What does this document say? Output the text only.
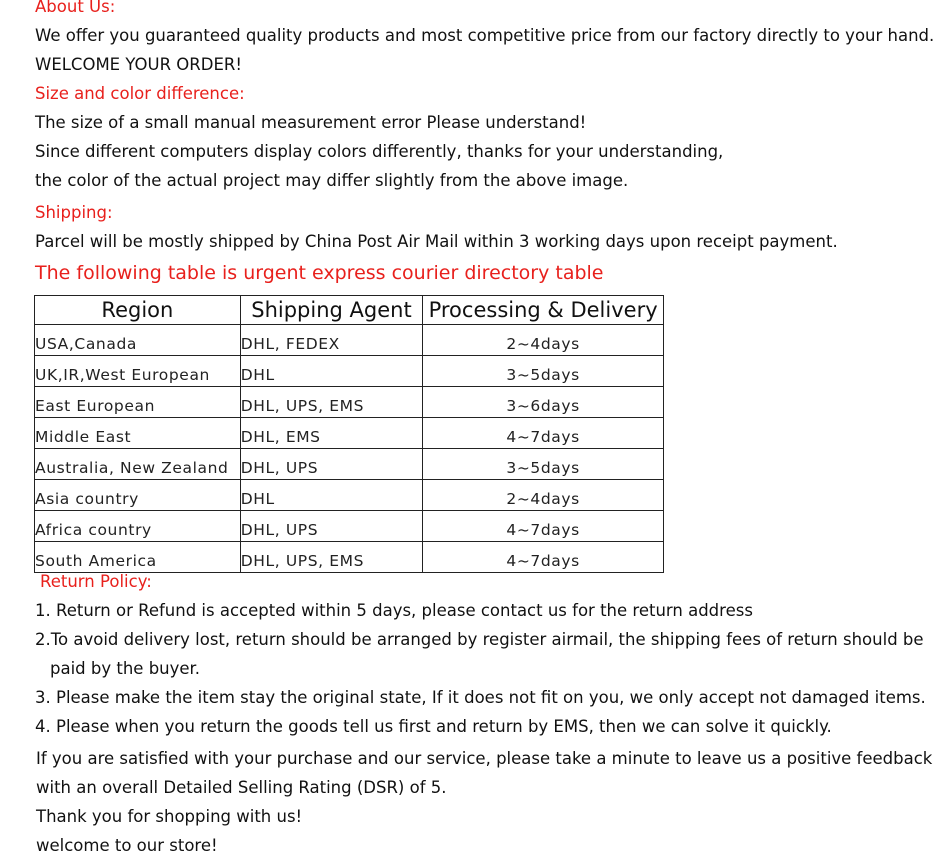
About Us:
We offer you guaranteed quality products and most competitive price from our factory directly to your hand.
WELCOME YOUR ORDER!
Size and color difference:
The size of a small manual measurement error Please understand!
Since different computers display colors differently, thanks for your understanding,
the color of the actual project may differ slightly from the above image.
Shipping:
Parcel will be mostly shipped by China Post Air Mail within 3 working days upon receipt payment.
The following table is urgent express courier directory table
Region	Shipping Agent	Processing & Delivery
USA,Canada	DHL, FEDEX	2~4days
UK,IR,West European	DHL	3~5days
East European	DHL, UPS, EMS	3~6days
Middle East	DHL, EMS	4~7days
Australia, New Zealand	DHL, UPS	3~5days
Asia country	DHL	2~4days
Africa country	DHL, UPS	4~7days
South America	DHL, UPS, EMS	4~7days
Return Policy:
1. Return or Refund is accepted within 5 days, please contact us for the return address
2.To avoid delivery lost, return should be arranged by register airmail, the shipping fees of return should be
paid by the buyer.
3. Please make the item stay the original state, If it does not fit on you, we only accept not damaged items.
4. Please when you return the goods tell us first and return by EMS, then we can solve it quickly.
If you are satisfied with your purchase and our service, please take a minute to leave us a positive feedback
with an overall Detailed Selling Rating (DSR) of 5.
Thank you for shopping with us!
welcome to our store!
